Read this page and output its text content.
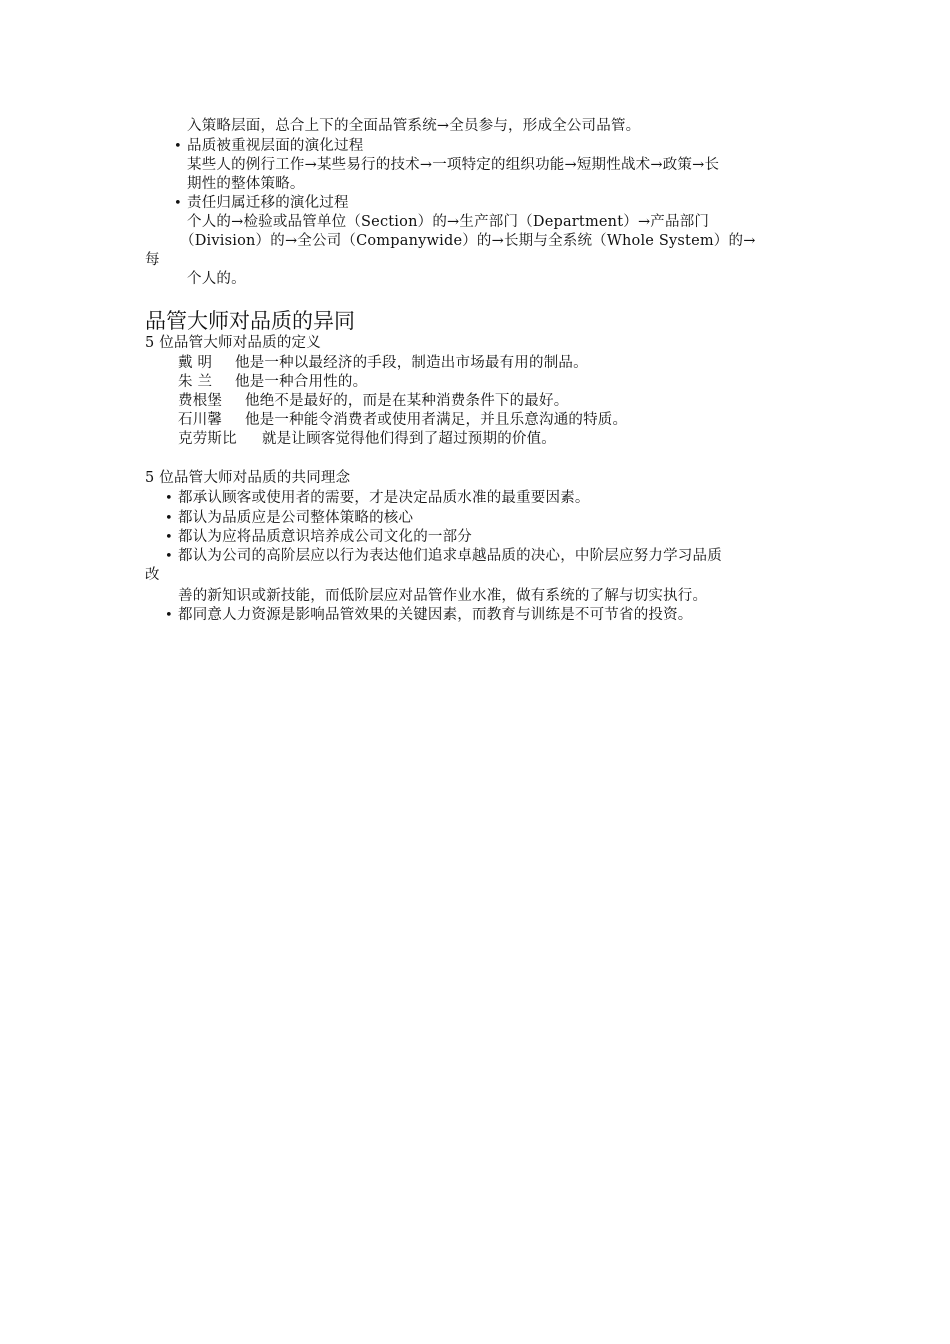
入策略层面，总合上下的全面品管系统→全员参与，形成全公司品管。
• 品质被重视层面的演化过程
某些人的例行工作→某些易行的技术→一项特定的组织功能→短期性战术→政策→长
期性的整体策略。
• 责任归属迁移的演化过程
个人的→检验或品管单位（Section）的→生产部门（Department）→产品部门
（Division）的→全公司（Companywide）的→长期与全系统（Whole System）的→
每
个人的。
品管大师对品质的异同
5 位品管大师对品质的定义
戴 明 他是一种以最经济的手段，制造出市场最有用的制品。
朱 兰 他是一种合用性的。
费根堡 他绝不是最好的，而是在某种消费条件下的最好。
石川馨 他是一种能令消费者或使用者满足，并且乐意沟通的特质。
克劳斯比 就是让顾客觉得他们得到了超过预期的价值。
5 位品管大师对品质的共同理念
• 都承认顾客或使用者的需要，才是决定品质水准的最重要因素。
• 都认为品质应是公司整体策略的核心
• 都认为应将品质意识培养成公司文化的一部分
• 都认为公司的高阶层应以行为表达他们追求卓越品质的决心，中阶层应努力学习品质
改
善的新知识或新技能，而低阶层应对品管作业水准，做有系统的了解与切实执行。
• 都同意人力资源是影响品管效果的关键因素，而教育与训练是不可节省的投资。
